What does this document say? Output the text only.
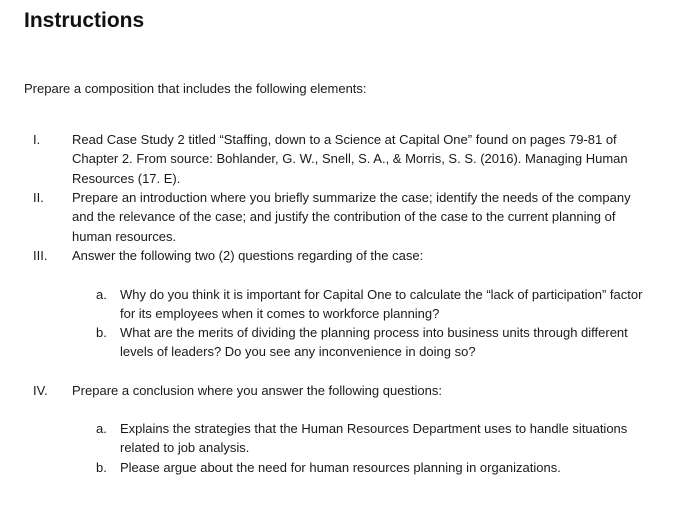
Instructions

Prepare a composition that includes the following elements:

I.	Read Case Study 2 titled “Staffing, down to a Science at Capital One” found on pages 79-81 of Chapter 2. From source: Bohlander, G. W., Snell, S. A., & Morris, S. S. (2016). Managing Human Resources (17. E).
II.	Prepare an introduction where you briefly summarize the case; identify the needs of the company and the relevance of the case; and justify the contribution of the case to the current planning of human resources.
III.	Answer the following two (2) questions regarding of the case:
a.	Why do you think it is important for Capital One to calculate the “lack of participation” factor for its employees when it comes to workforce planning?
b.	What are the merits of dividing the planning process into business units through different levels of leaders? Do you see any inconvenience in doing so?
IV.	Prepare a conclusion where you answer the following questions:
a.	Explains the strategies that the Human Resources Department uses to handle situations related to job analysis.
b.	Please argue about the need for human resources planning in organizations.
